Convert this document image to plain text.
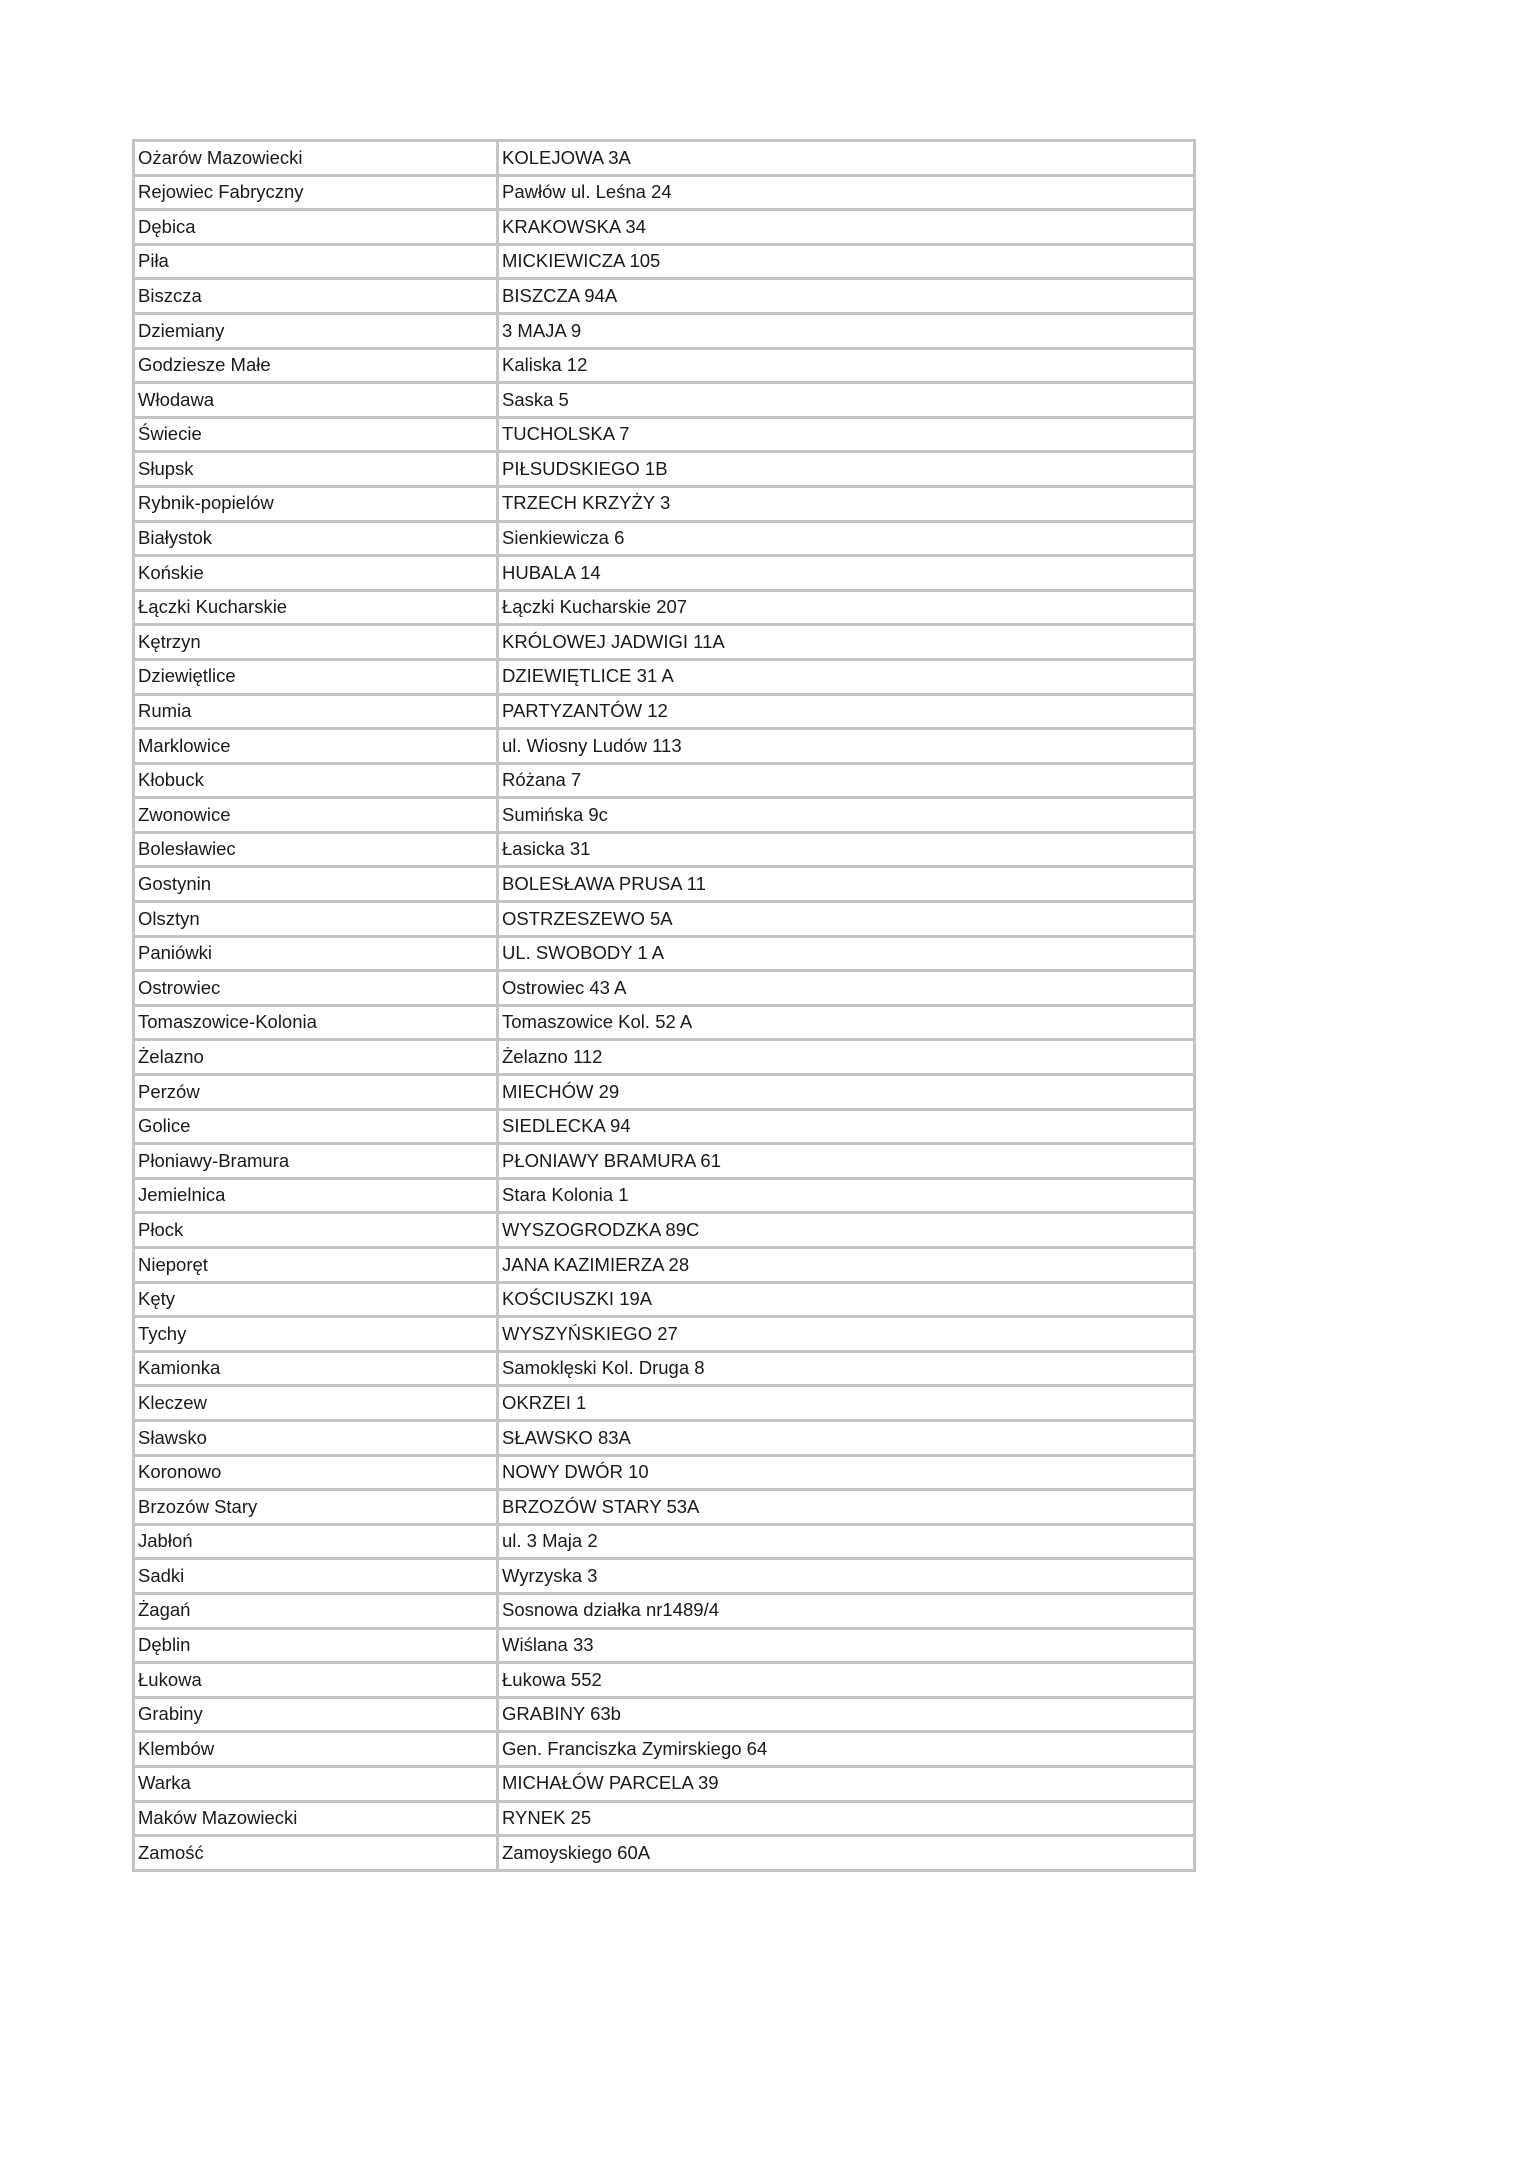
Ożarów Mazowiecki	KOLEJOWA 3A
Rejowiec Fabryczny	Pawłów ul. Leśna 24
Dębica	KRAKOWSKA 34
Piła	MICKIEWICZA 105
Biszcza	BISZCZA 94A
Dziemiany	3 MAJA 9
Godziesze Małe	Kaliska 12
Włodawa	Saska 5
Świecie	TUCHOLSKA 7
Słupsk	PIŁSUDSKIEGO 1B
Rybnik-popielów	TRZECH KRZYŻY 3
Białystok	Sienkiewicza 6
Końskie	HUBALA 14
Łączki Kucharskie	Łączki Kucharskie 207
Kętrzyn	KRÓLOWEJ JADWIGI 11A
Dziewiętlice	DZIEWIĘTLICE 31 A
Rumia	PARTYZANTÓW 12
Marklowice	ul. Wiosny Ludów 113
Kłobuck	Różana 7
Zwonowice	Sumińska 9c
Bolesławiec	Łasicka 31
Gostynin	BOLESŁAWA PRUSA 11
Olsztyn	OSTRZESZEWO 5A
Paniówki	UL. SWOBODY 1 A
Ostrowiec	Ostrowiec 43 A
Tomaszowice-Kolonia	Tomaszowice Kol. 52 A
Żelazno	Żelazno 112
Perzów	MIECHÓW 29
Golice	SIEDLECKA 94
Płoniawy-Bramura	PŁONIAWY BRAMURA 61
Jemielnica	Stara Kolonia 1
Płock	WYSZOGRODZKA 89C
Nieporęt	JANA KAZIMIERZA 28
Kęty	KOŚCIUSZKI 19A
Tychy	WYSZYŃSKIEGO 27
Kamionka	Samoklęski Kol. Druga 8
Kleczew	OKRZEI 1
Sławsko	SŁAWSKO 83A
Koronowo	NOWY DWÓR 10
Brzozów Stary	BRZOZÓW STARY 53A
Jabłoń	ul. 3 Maja 2
Sadki	Wyrzyska 3
Żagań	Sosnowa działka nr1489/4
Dęblin	Wiślana 33
Łukowa	Łukowa 552
Grabiny	GRABINY 63b
Klembów	Gen. Franciszka Zymirskiego 64
Warka	MICHAŁÓW PARCELA 39
Maków Mazowiecki	RYNEK 25
Zamość	Zamoyskiego 60A
